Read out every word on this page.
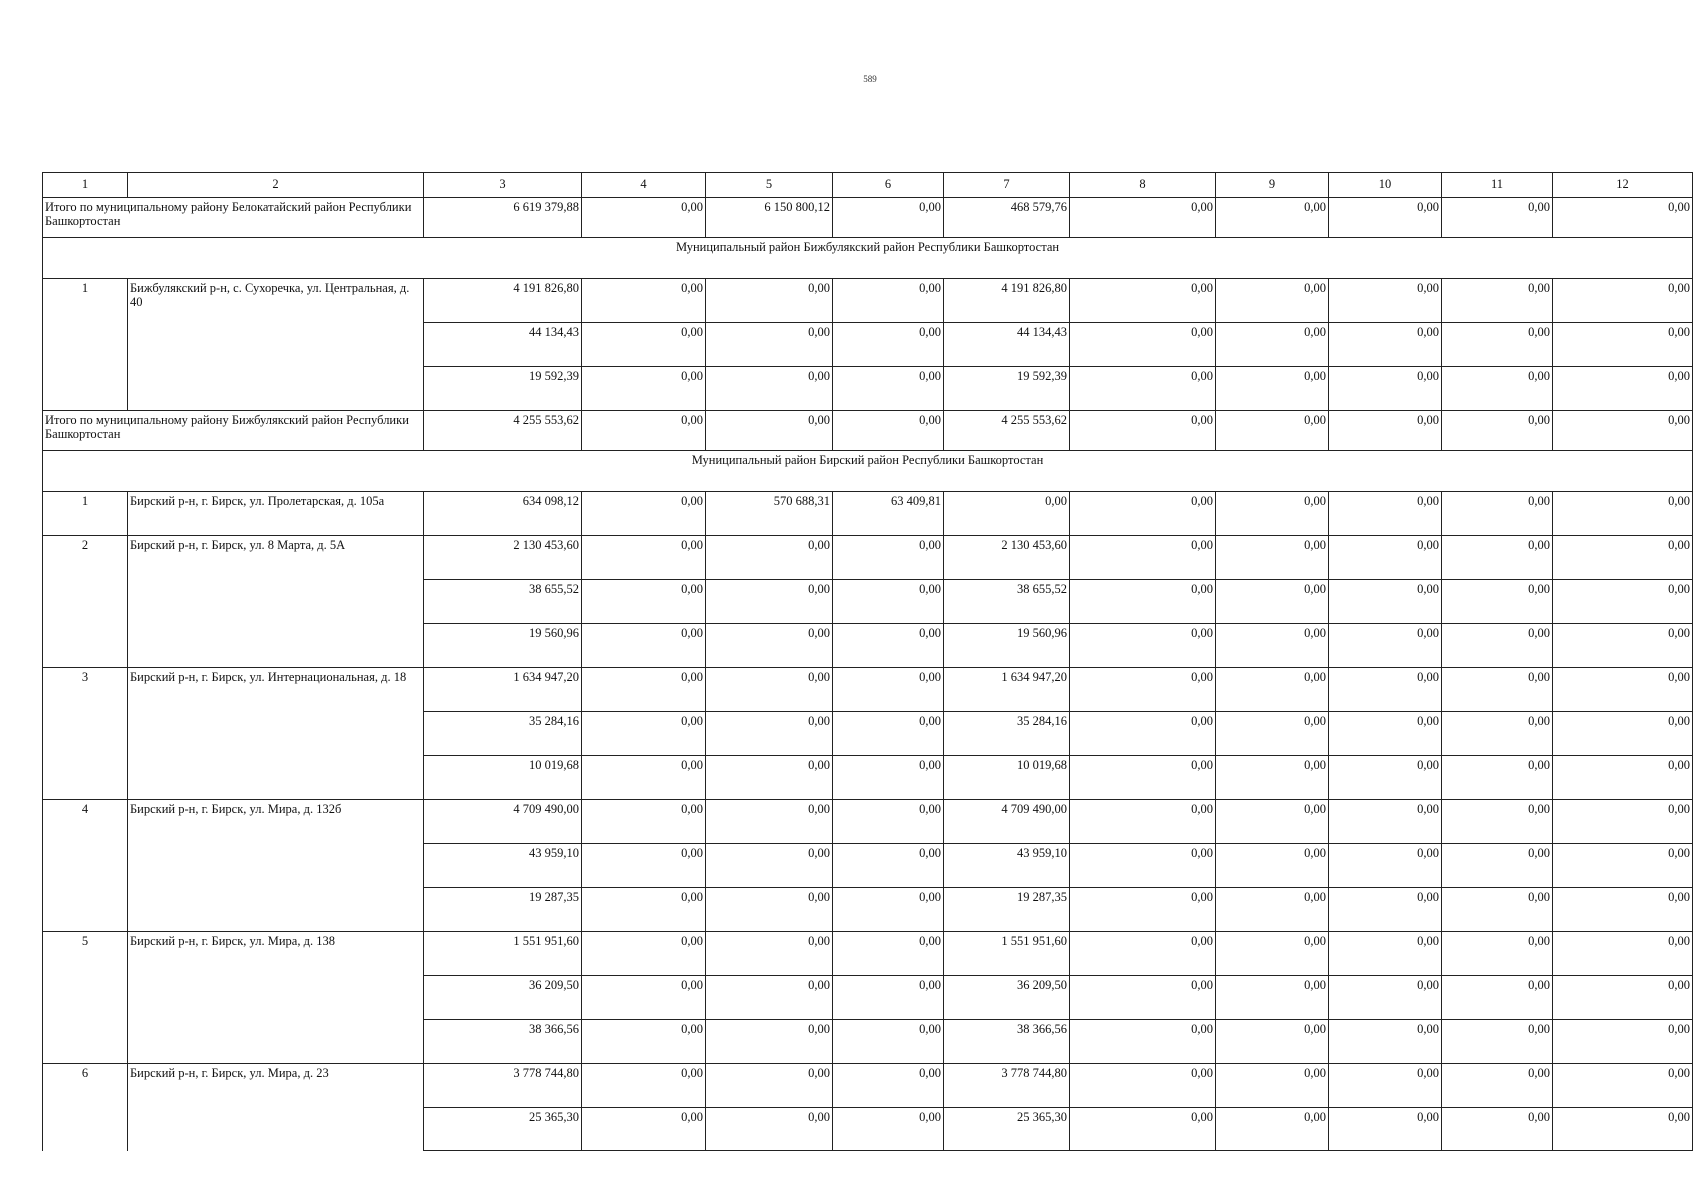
589
1	2	3	4	5	6	7	8	9	10	11	12
Итого по муниципальному району Белокатайский район Республики Башкортостан		6 619 379,88	0,00	6 150 800,12	0,00	468 579,76	0,00	0,00	0,00	0,00	0,00
Муниципальный район Бижбулякский район Республики Башкортостан											
1	Бижбулякский р-н, с. Сухоречка, ул. Центральная, д. 40	4 191 826,80	0,00	0,00	0,00	4 191 826,80	0,00	0,00	0,00	0,00	0,00
		44 134,43	0,00	0,00	0,00	44 134,43	0,00	0,00	0,00	0,00	0,00
		19 592,39	0,00	0,00	0,00	19 592,39	0,00	0,00	0,00	0,00	0,00
Итого по муниципальному району Бижбулякский район Республики Башкортостан		4 255 553,62	0,00	0,00	0,00	4 255 553,62	0,00	0,00	0,00	0,00	0,00
Муниципальный район Бирский район Республики Башкортостан											
1	Бирский р-н, г. Бирск, ул. Пролетарская, д. 105а	634 098,12	0,00	570 688,31	63 409,81	0,00	0,00	0,00	0,00	0,00	0,00
2	Бирский р-н, г. Бирск, ул. 8 Марта, д. 5А	2 130 453,60	0,00	0,00	0,00	2 130 453,60	0,00	0,00	0,00	0,00	0,00
		38 655,52	0,00	0,00	0,00	38 655,52	0,00	0,00	0,00	0,00	0,00
		19 560,96	0,00	0,00	0,00	19 560,96	0,00	0,00	0,00	0,00	0,00
3	Бирский р-н, г. Бирск, ул. Интернациональная, д. 18	1 634 947,20	0,00	0,00	0,00	1 634 947,20	0,00	0,00	0,00	0,00	0,00
		35 284,16	0,00	0,00	0,00	35 284,16	0,00	0,00	0,00	0,00	0,00
		10 019,68	0,00	0,00	0,00	10 019,68	0,00	0,00	0,00	0,00	0,00
4	Бирский р-н, г. Бирск, ул. Мира, д. 132б	4 709 490,00	0,00	0,00	0,00	4 709 490,00	0,00	0,00	0,00	0,00	0,00
		43 959,10	0,00	0,00	0,00	43 959,10	0,00	0,00	0,00	0,00	0,00
		19 287,35	0,00	0,00	0,00	19 287,35	0,00	0,00	0,00	0,00	0,00
5	Бирский р-н, г. Бирск, ул. Мира, д. 138	1 551 951,60	0,00	0,00	0,00	1 551 951,60	0,00	0,00	0,00	0,00	0,00
		36 209,50	0,00	0,00	0,00	36 209,50	0,00	0,00	0,00	0,00	0,00
		38 366,56	0,00	0,00	0,00	38 366,56	0,00	0,00	0,00	0,00	0,00
6	Бирский р-н, г. Бирск, ул. Мира, д. 23	3 778 744,80	0,00	0,00	0,00	3 778 744,80	0,00	0,00	0,00	0,00	0,00
		25 365,30	0,00	0,00	0,00	25 365,30	0,00	0,00	0,00	0,00	0,00
